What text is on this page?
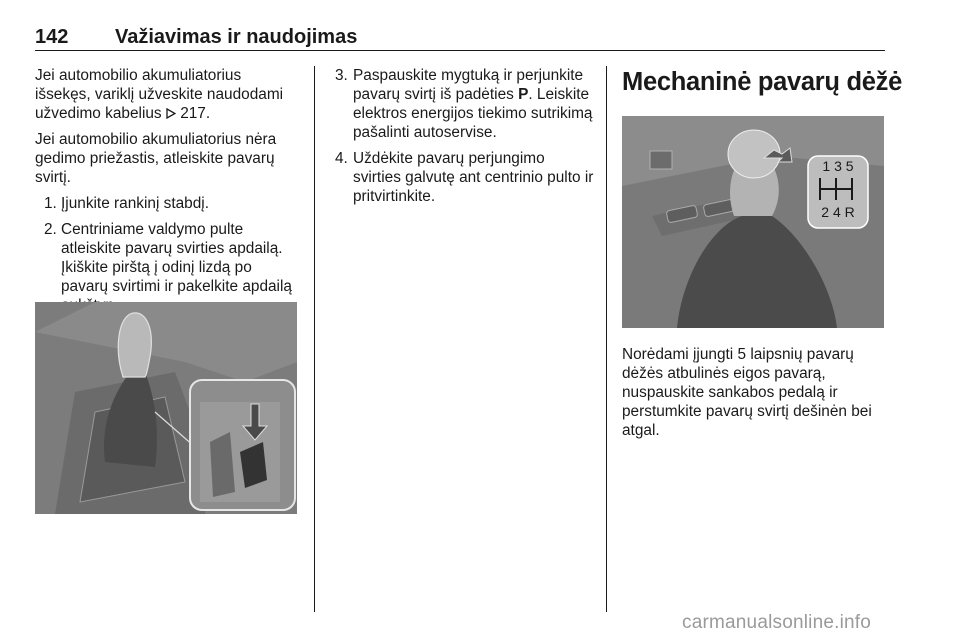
142 Važiavimas ir naudojimas

Jei automobilio akumuliatorius išsekęs, variklį užveskite naudodami užvedimo kabelius 217.

Jei automobilio akumuliatorius nėra gedimo priežastis, atleiskite pavarų svirtį.

1. Įjunkite rankinį stabdį.
2. Centriniame valdymo pulte atleiskite pavarų svirties apdailą. Įkiškite pirštą į odinį lizdą po pavarų svirtimi ir pakelkite apdailą
3. Paspauskite mygtuką ir perjunkite pavarų svirtį iš padėties P. Leiskite elektros energijos tiekimo sutrikimą pašalinti autoservise.
4. Uždėkite pavarų perjungimo svirties galvutę ant centrinio pulto ir pritvirtinkite.
Mechaninė pavarų dėžė
1 3 5
2 4 R

Norėdami įjungti 5 laipsnių pavarų dėžės atbulinės eigos pavarą, nuspauskite sankabos pedalą ir perstumkite pavarų svirtį dešinėn bei atgal.

carmanualsonline.info
